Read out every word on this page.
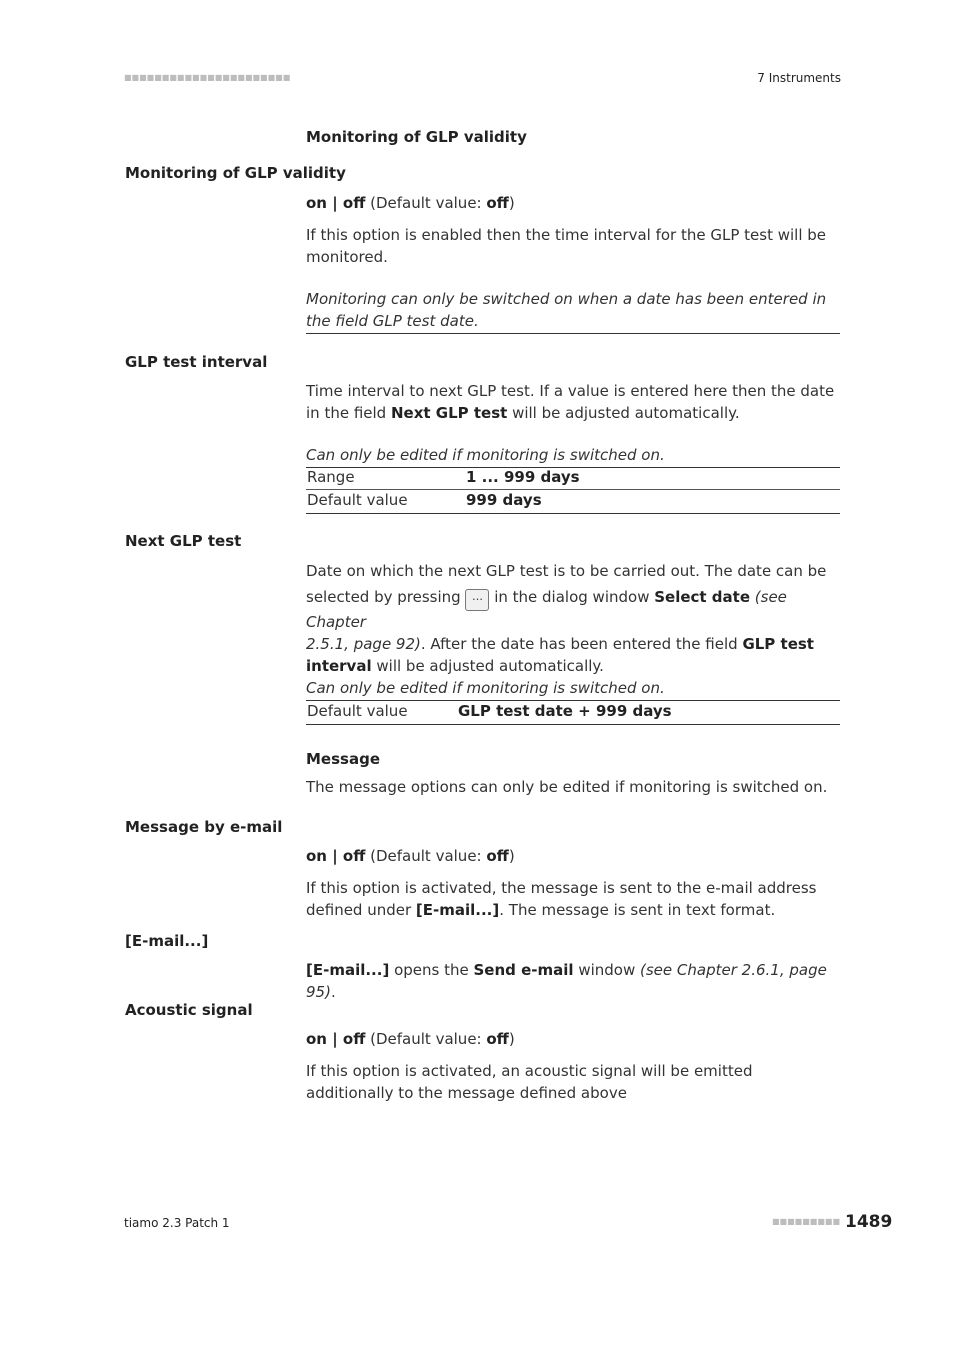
■■■■■■■■■■■■■■■■■■■■■■	7 Instruments
Monitoring of GLP validity
Monitoring of GLP validity
on | off (Default value: off)
If this option is enabled then the time interval for the GLP test will be monitored.
Monitoring can only be switched on when a date has been entered in the field GLP test date.
GLP test interval
Time interval to next GLP test. If a value is entered here then the date in the field Next GLP test will be adjusted automatically.
Can only be edited if monitoring is switched on.
Range	1 ... 999 days
Default value	999 days
Next GLP test
Date on which the next GLP test is to be carried out. The date can be
selected by pressing … in the dialog window Select date (see Chapter
2.5.1, page 92). After the date has been entered the field GLP test
interval will be adjusted automatically.
Can only be edited if monitoring is switched on.
Default value	GLP test date + 999 days
Message
The message options can only be edited if monitoring is switched on.
Message by e-mail
on | off (Default value: off)
If this option is activated, the message is sent to the e-mail address defined under [E-mail...]. The message is sent in text format.
[E-mail...]
[E-mail...] opens the Send e-mail window (see Chapter 2.6.1, page 95).
Acoustic signal
on | off (Default value: off)
If this option is activated, an acoustic signal will be emitted additionally to the message defined above
tiamo 2.3 Patch 1	■■■■■■■■■ 1489
